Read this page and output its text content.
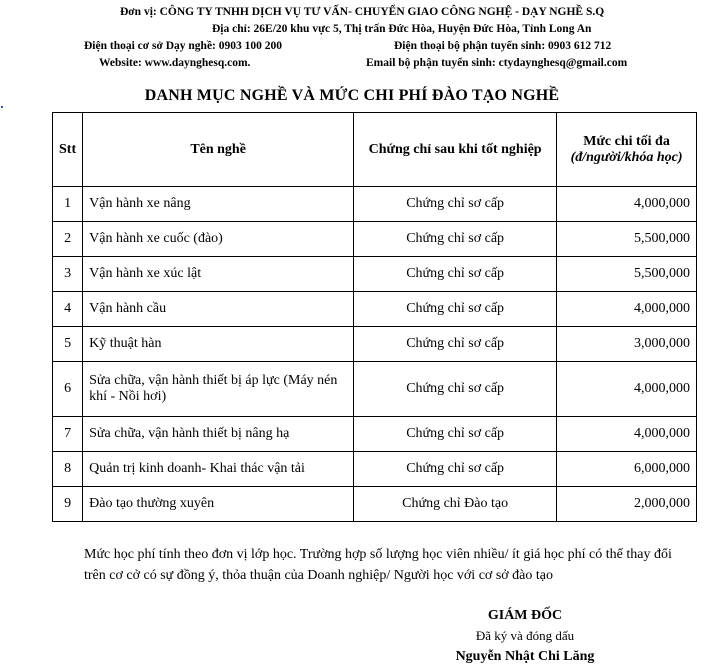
Đơn vị: CÔNG TY TNHH DỊCH VỤ TƯ VẤN- CHUYỂN GIAO CÔNG NGHỆ - DẠY NGHỀ S.Q
Địa chỉ: 26E/20 khu vực 5, Thị trấn Đức Hòa, Huyện Đức Hòa, Tỉnh Long An
Điện thoại cơ sở Dạy nghề: 0903 100 200	Điện thoại bộ phận tuyển sinh: 0903 612 712
Website: www.daynghesq.com.	Email bộ phận tuyển sinh: ctydaynghesq@gmail.com
DANH MỤC NGHỀ VÀ MỨC CHI PHÍ ĐÀO TẠO NGHỀ
Stt	Tên nghề	Chứng chỉ sau khi tốt nghiệp	Mức chi tối đa
(đ/người/khóa học)

1	Vận hành xe nâng	Chứng chỉ sơ cấp	4,000,000
2	Vận hành xe cuốc (đào)	Chứng chỉ sơ cấp	5,500,000
3	Vận hành xe xúc lật	Chứng chỉ sơ cấp	5,500,000
4	Vận hành cầu	Chứng chỉ sơ cấp	4,000,000
5	Kỹ thuật hàn	Chứng chỉ sơ cấp	3,000,000
6	Sửa chữa, vận hành thiết bị áp lực (Máy nén khí - Nồi hơi)	Chứng chỉ sơ cấp	4,000,000
7	Sửa chữa, vận hành thiết bị nâng hạ	Chứng chỉ sơ cấp	4,000,000
8	Quản trị kinh doanh- Khai thác vận tải	Chứng chỉ sơ cấp	6,000,000
9	Đào tạo thường xuyên	Chứng chỉ Đào tạo	2,000,000
Mức học phí tính theo đơn vị lớp học. Trường hợp số lượng học viên nhiều/ ít giá học phí có thể thay đổi trên cơ cở có sự đồng ý, thỏa thuận của Doanh nghiệp/ Người học với cơ sở đào tạo
GIÁM ĐỐC
Đã ký và đóng dấu
Nguyễn Nhật Chi Lăng
